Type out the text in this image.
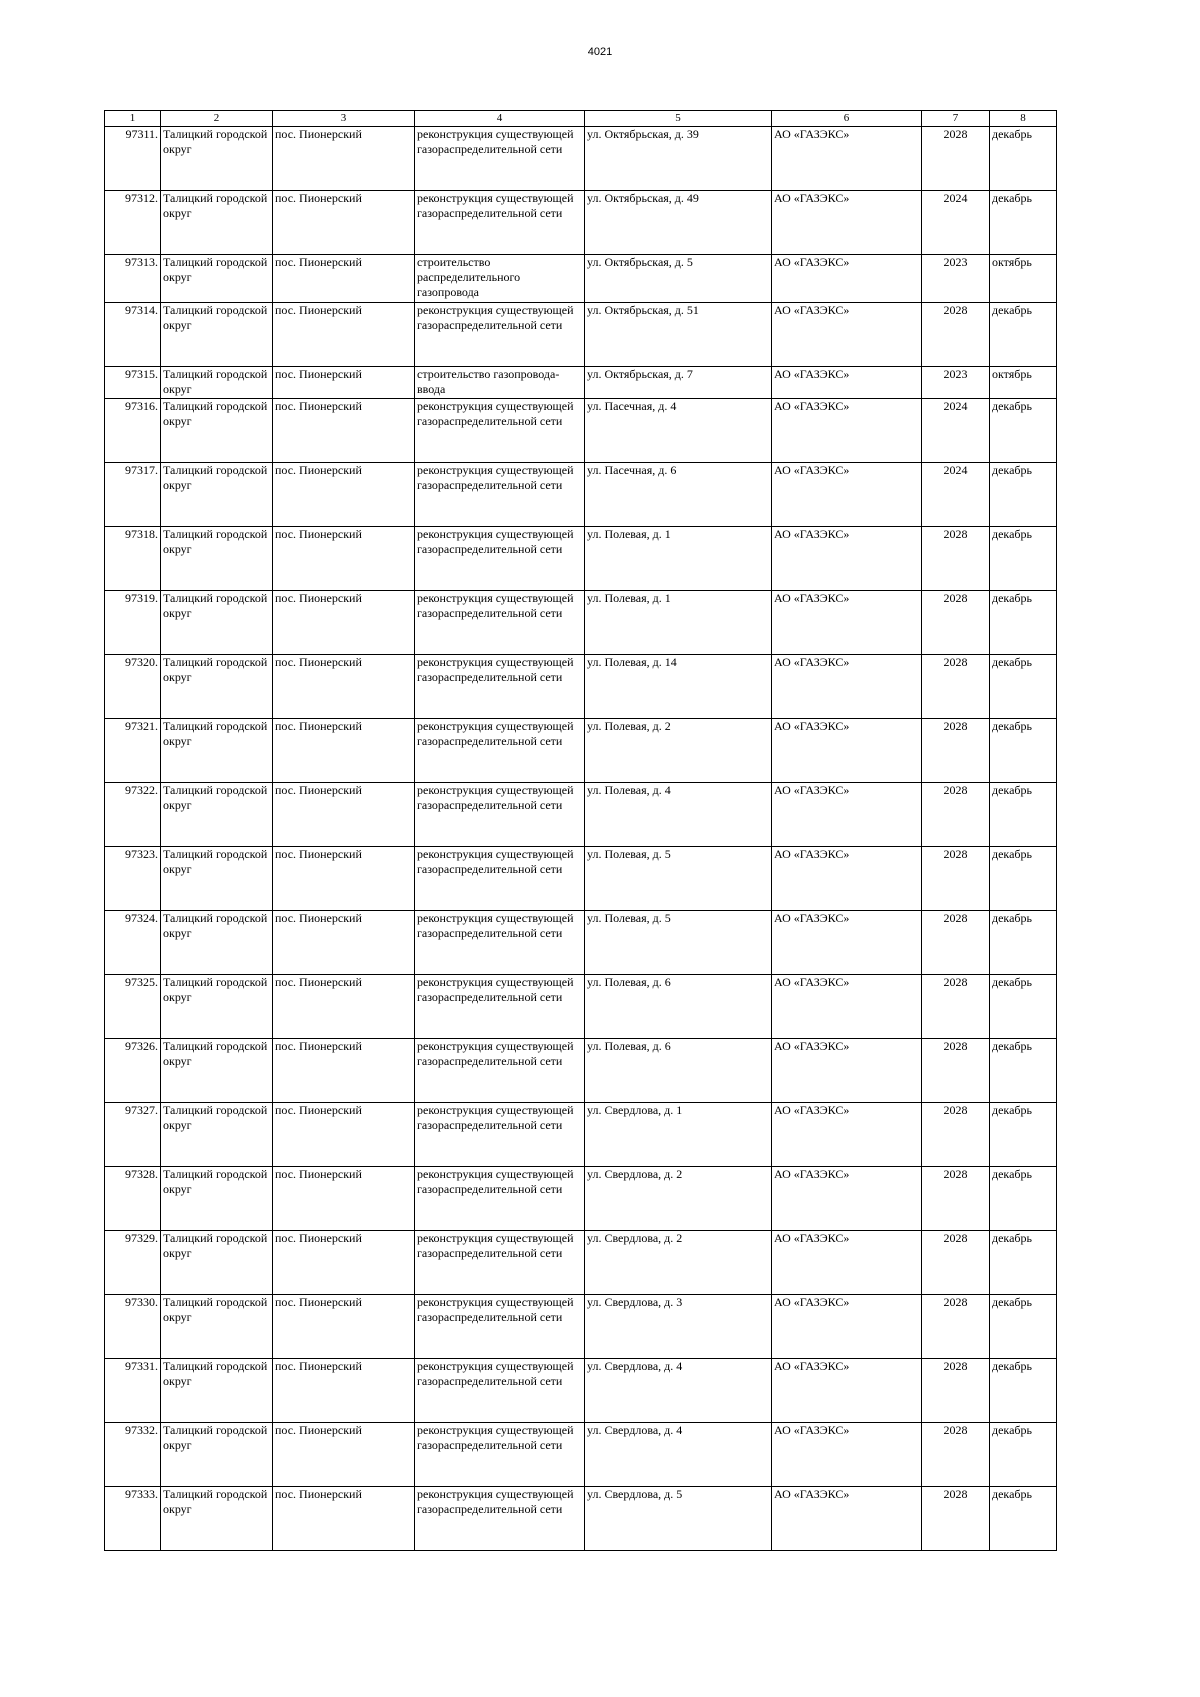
4021
1	2	3	4	5	6	7	8
97311.	Талицкий городской округ	пос. Пионерский	реконструкция существующей газораспределительной сети	ул. Октябрьская, д. 39	АО «ГАЗЭКС»	2028	декабрь
97312.	Талицкий городской округ	пос. Пионерский	реконструкция существующей газораспределительной сети	ул. Октябрьская, д. 49	АО «ГАЗЭКС»	2024	декабрь
97313.	Талицкий городской округ	пос. Пионерский	строительство распределительного газопровода	ул. Октябрьская, д. 5	АО «ГАЗЭКС»	2023	октябрь
97314.	Талицкий городской округ	пос. Пионерский	реконструкция существующей газораспределительной сети	ул. Октябрьская, д. 51	АО «ГАЗЭКС»	2028	декабрь
97315.	Талицкий городской округ	пос. Пионерский	строительство газопровода-ввода	ул. Октябрьская, д. 7	АО «ГАЗЭКС»	2023	октябрь
97316.	Талицкий городской округ	пос. Пионерский	реконструкция существующей газораспределительной сети	ул. Пасечная, д. 4	АО «ГАЗЭКС»	2024	декабрь
97317.	Талицкий городской округ	пос. Пионерский	реконструкция существующей газораспределительной сети	ул. Пасечная, д. 6	АО «ГАЗЭКС»	2024	декабрь
97318.	Талицкий городской округ	пос. Пионерский	реконструкция существующей газораспределительной сети	ул. Полевая, д. 1	АО «ГАЗЭКС»	2028	декабрь
97319.	Талицкий городской округ	пос. Пионерский	реконструкция существующей газораспределительной сети	ул. Полевая, д. 1	АО «ГАЗЭКС»	2028	декабрь
97320.	Талицкий городской округ	пос. Пионерский	реконструкция существующей газораспределительной сети	ул. Полевая, д. 14	АО «ГАЗЭКС»	2028	декабрь
97321.	Талицкий городской округ	пос. Пионерский	реконструкция существующей газораспределительной сети	ул. Полевая, д. 2	АО «ГАЗЭКС»	2028	декабрь
97322.	Талицкий городской округ	пос. Пионерский	реконструкция существующей газораспределительной сети	ул. Полевая, д. 4	АО «ГАЗЭКС»	2028	декабрь
97323.	Талицкий городской округ	пос. Пионерский	реконструкция существующей газораспределительной сети	ул. Полевая, д. 5	АО «ГАЗЭКС»	2028	декабрь
97324.	Талицкий городской округ	пос. Пионерский	реконструкция существующей газораспределительной сети	ул. Полевая, д. 5	АО «ГАЗЭКС»	2028	декабрь
97325.	Талицкий городской округ	пос. Пионерский	реконструкция существующей газораспределительной сети	ул. Полевая, д. 6	АО «ГАЗЭКС»	2028	декабрь
97326.	Талицкий городской округ	пос. Пионерский	реконструкция существующей газораспределительной сети	ул. Полевая, д. 6	АО «ГАЗЭКС»	2028	декабрь
97327.	Талицкий городской округ	пос. Пионерский	реконструкция существующей газораспределительной сети	ул. Свердлова, д. 1	АО «ГАЗЭКС»	2028	декабрь
97328.	Талицкий городской округ	пос. Пионерский	реконструкция существующей газораспределительной сети	ул. Свердлова, д. 2	АО «ГАЗЭКС»	2028	декабрь
97329.	Талицкий городской округ	пос. Пионерский	реконструкция существующей газораспределительной сети	ул. Свердлова, д. 2	АО «ГАЗЭКС»	2028	декабрь
97330.	Талицкий городской округ	пос. Пионерский	реконструкция существующей газораспределительной сети	ул. Свердлова, д. 3	АО «ГАЗЭКС»	2028	декабрь
97331.	Талицкий городской округ	пос. Пионерский	реконструкция существующей газораспределительной сети	ул. Свердлова, д. 4	АО «ГАЗЭКС»	2028	декабрь
97332.	Талицкий городской округ	пос. Пионерский	реконструкция существующей газораспределительной сети	ул. Свердлова, д. 4	АО «ГАЗЭКС»	2028	декабрь
97333.	Талицкий городской округ	пос. Пионерский	реконструкция существующей газораспределительной сети	ул. Свердлова, д. 5	АО «ГАЗЭКС»	2028	декабрь
